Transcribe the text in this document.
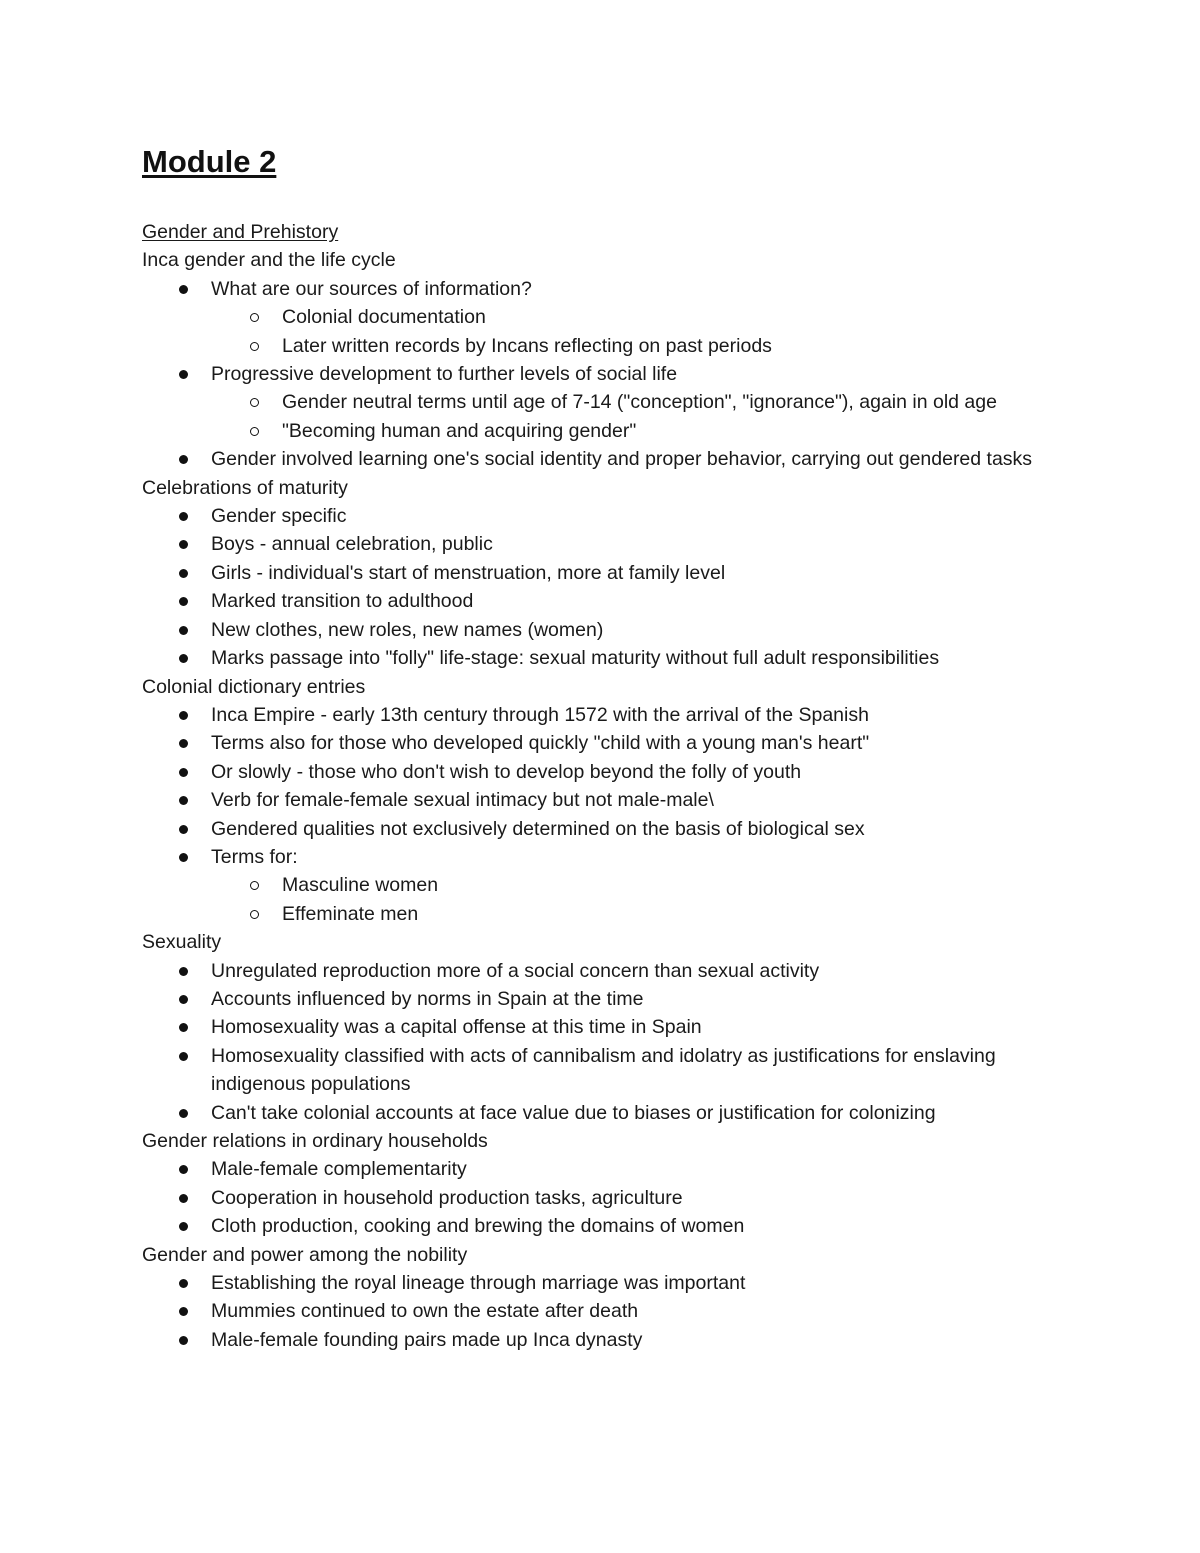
Module 2

Gender and Prehistory

Inca gender and the life cycle

What are our sources of information?
Colonial documentation
Later written records by Incans reflecting on past periods
Progressive development to further levels of social life
Gender neutral terms until age of 7-14 ("conception", "ignorance"), again in old age
"Becoming human and acquiring gender"
Gender involved learning one's social identity and proper behavior, carrying out gendered tasks

Celebrations of maturity

Gender specific
Boys - annual celebration, public
Girls - individual's start of menstruation, more at family level
Marked transition to adulthood
New clothes, new roles, new names (women)
Marks passage into "folly" life-stage: sexual maturity without full adult responsibilities

Colonial dictionary entries

Inca Empire - early 13th century through 1572 with the arrival of the Spanish
Terms also for those who developed quickly "child with a young man's heart"
Or slowly - those who don't wish to develop beyond the folly of youth
Verb for female-female sexual intimacy but not male-male\
Gendered qualities not exclusively determined on the basis of biological sex
Terms for:
Masculine women
Effeminate men

Sexuality

Unregulated reproduction more of a social concern than sexual activity
Accounts influenced by norms in Spain at the time
Homosexuality was a capital offense at this time in Spain
Homosexuality classified with acts of cannibalism and idolatry as justifications for enslaving indigenous populations
Can't take colonial accounts at face value due to biases or justification for colonizing

Gender relations in ordinary households

Male-female complementarity
Cooperation in household production tasks, agriculture
Cloth production, cooking and brewing the domains of women

Gender and power among the nobility

Establishing the royal lineage through marriage was important
Mummies continued to own the estate after death
Male-female founding pairs made up Inca dynasty
